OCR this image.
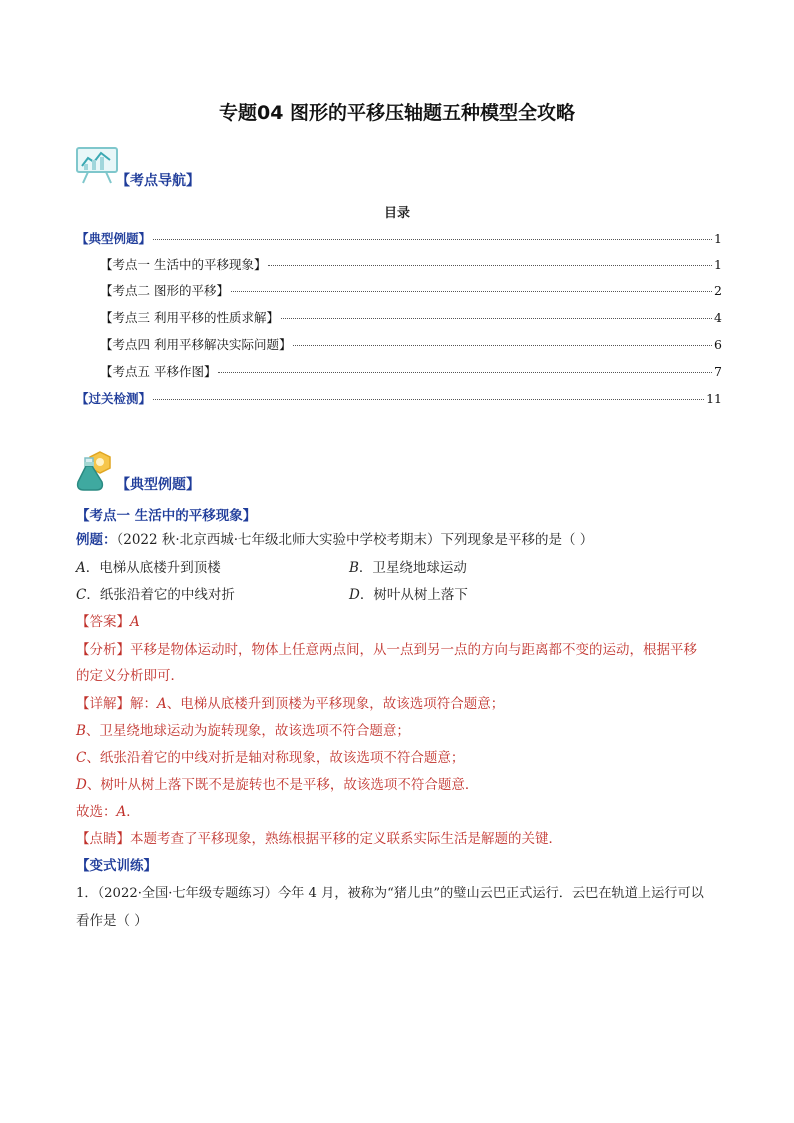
专题04 图形的平移压轴题五种模型全攻略
【考点导航】
目录
【典型例题】	1
【考点一 生活中的平移现象】	1
【考点二 图形的平移】	2
【考点三 利用平移的性质求解】	4
【考点四 利用平移解决实际问题】	6
【考点五 平移作图】	7
【过关检测】	11
【典型例题】
【考点一 生活中的平移现象】
例题：（2022 秋·北京西城·七年级北师大实验中学校考期末）下列现象是平移的是（ ）
A．电梯从底楼升到顶楼	B．卫星绕地球运动
C．纸张沿着它的中线对折	D．树叶从树上落下
【答案】A
【分析】平移是物体运动时，物体上任意两点间，从一点到另一点的方向与距离都不变的运动，根据平移
的定义分析即可．
【详解】解：A、电梯从底楼升到顶楼为平移现象，故该选项符合题意；
B、卫星绕地球运动为旋转现象，故该选项不符合题意；
C、纸张沿着它的中线对折是轴对称现象，故该选项不符合题意；
D、树叶从树上落下既不是旋转也不是平移，故该选项不符合题意．
故选：A．
【点睛】本题考查了平移现象，熟练根据平移的定义联系实际生活是解题的关键．
【变式训练】
1．（2022·全国·七年级专题练习）今年 4 月，被称为“猪儿虫”的璧山云巴正式运行．云巴在轨道上运行可以
看作是（ ）
